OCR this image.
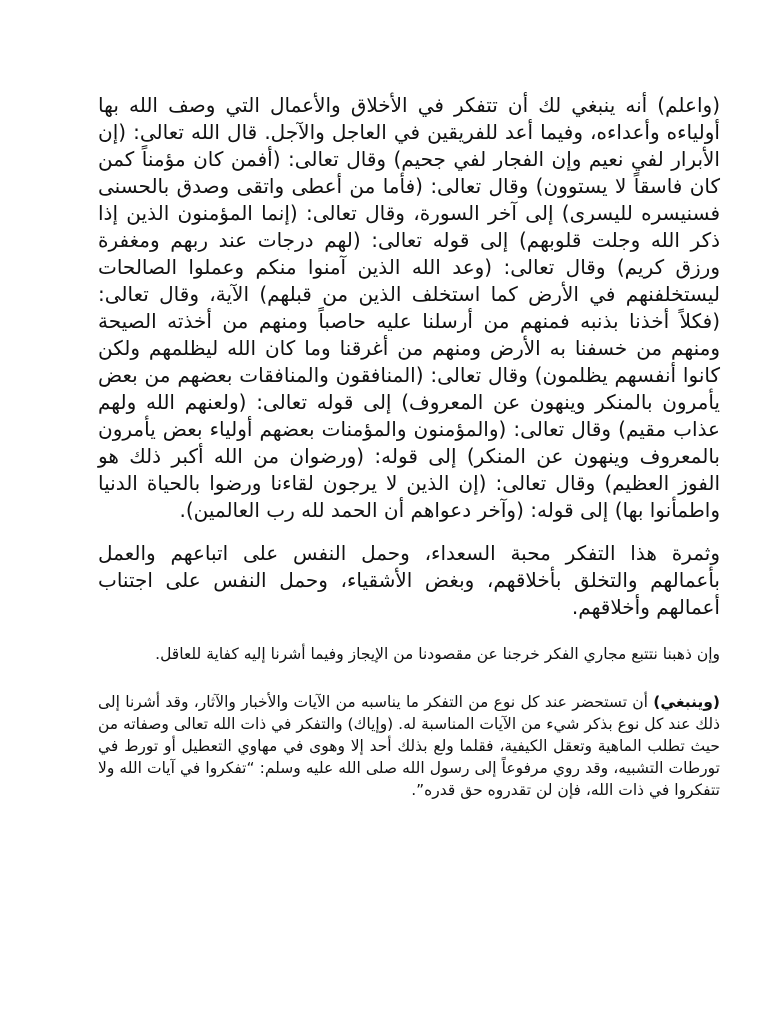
(واعلم) أنه ينبغي لك أن تتفكر في الأخلاق والأعمال التي وصف الله بها أولياءه وأعداءه، وفيما أعد للفريقين في العاجل والآجل. قال الله تعالى: (إن الأبرار لفي نعيم وإن الفجار لفي جحيم) وقال تعالى: (أفمن كان مؤمناً كمن كان فاسقاً لا يستوون) وقال تعالى: (فأما من أعطى واتقى وصدق بالحسنى فسنيسره لليسرى) إلى آخر السورة، وقال تعالى: (إنما المؤمنون الذين إذا ذكر الله وجلت قلوبهم) إلى قوله تعالى: (لهم درجات عند ربهم ومغفرة ورزق كريم) وقال تعالى: (وعد الله الذين آمنوا منكم وعملوا الصالحات ليستخلفنهم في الأرض كما استخلف الذين من قبلهم) الآية، وقال تعالى: (فكلاً أخذنا بذنبه فمنهم من أرسلنا عليه حاصباً ومنهم من أخذته الصيحة ومنهم من خسفنا به الأرض ومنهم من أغرقنا وما كان الله ليظلمهم ولكن كانوا أنفسهم يظلمون) وقال تعالى: (المنافقون والمنافقات بعضهم من بعض يأمرون بالمنكر وينهون عن المعروف) إلى قوله تعالى: (ولعنهم الله ولهم عذاب مقيم) وقال تعالى: (والمؤمنون والمؤمنات بعضهم أولياء بعض يأمرون بالمعروف وينهون عن المنكر) إلى قوله: (ورضوان من الله أكبر ذلك هو الفوز العظيم) وقال تعالى: (إن الذين لا يرجون لقاءنا ورضوا بالحياة الدنيا واطمأنوا بها) إلى قوله: (وآخر دعواهم أن الحمد لله رب العالمين).

وثمرة هذا التفكر محبة السعداء، وحمل النفس على اتباعهم والعمل بأعمالهم والتخلق بأخلاقهم، وبغض الأشقياء، وحمل النفس على اجتناب أعمالهم وأخلاقهم.

وإن ذهبنا نتتبع مجاري الفكر خرجنا عن مقصودنا من الإيجاز وفيما أشرنا إليه كفاية للعاقل.

(وينبغي) أن تستحضر عند كل نوع من التفكر ما يناسبه من الآيات والأخبار والآثار، وقد أشرنا إلى ذلك عند كل نوع بذكر شيء من الآيات المناسبة له. (وإياك) والتفكر في ذات الله تعالى وصفاته من حيث تطلب الماهية وتعقل الكيفية، فقلما ولع بذلك أحد إلا وهوى في مهاوي التعطيل أو تورط في تورطات التشبيه، وقد روي مرفوعاً إلى رسول الله صلى الله عليه وسلم: “تفكروا في آيات الله ولا تتفكروا في ذات الله، فإن لن تقدروه حق قدره”.
